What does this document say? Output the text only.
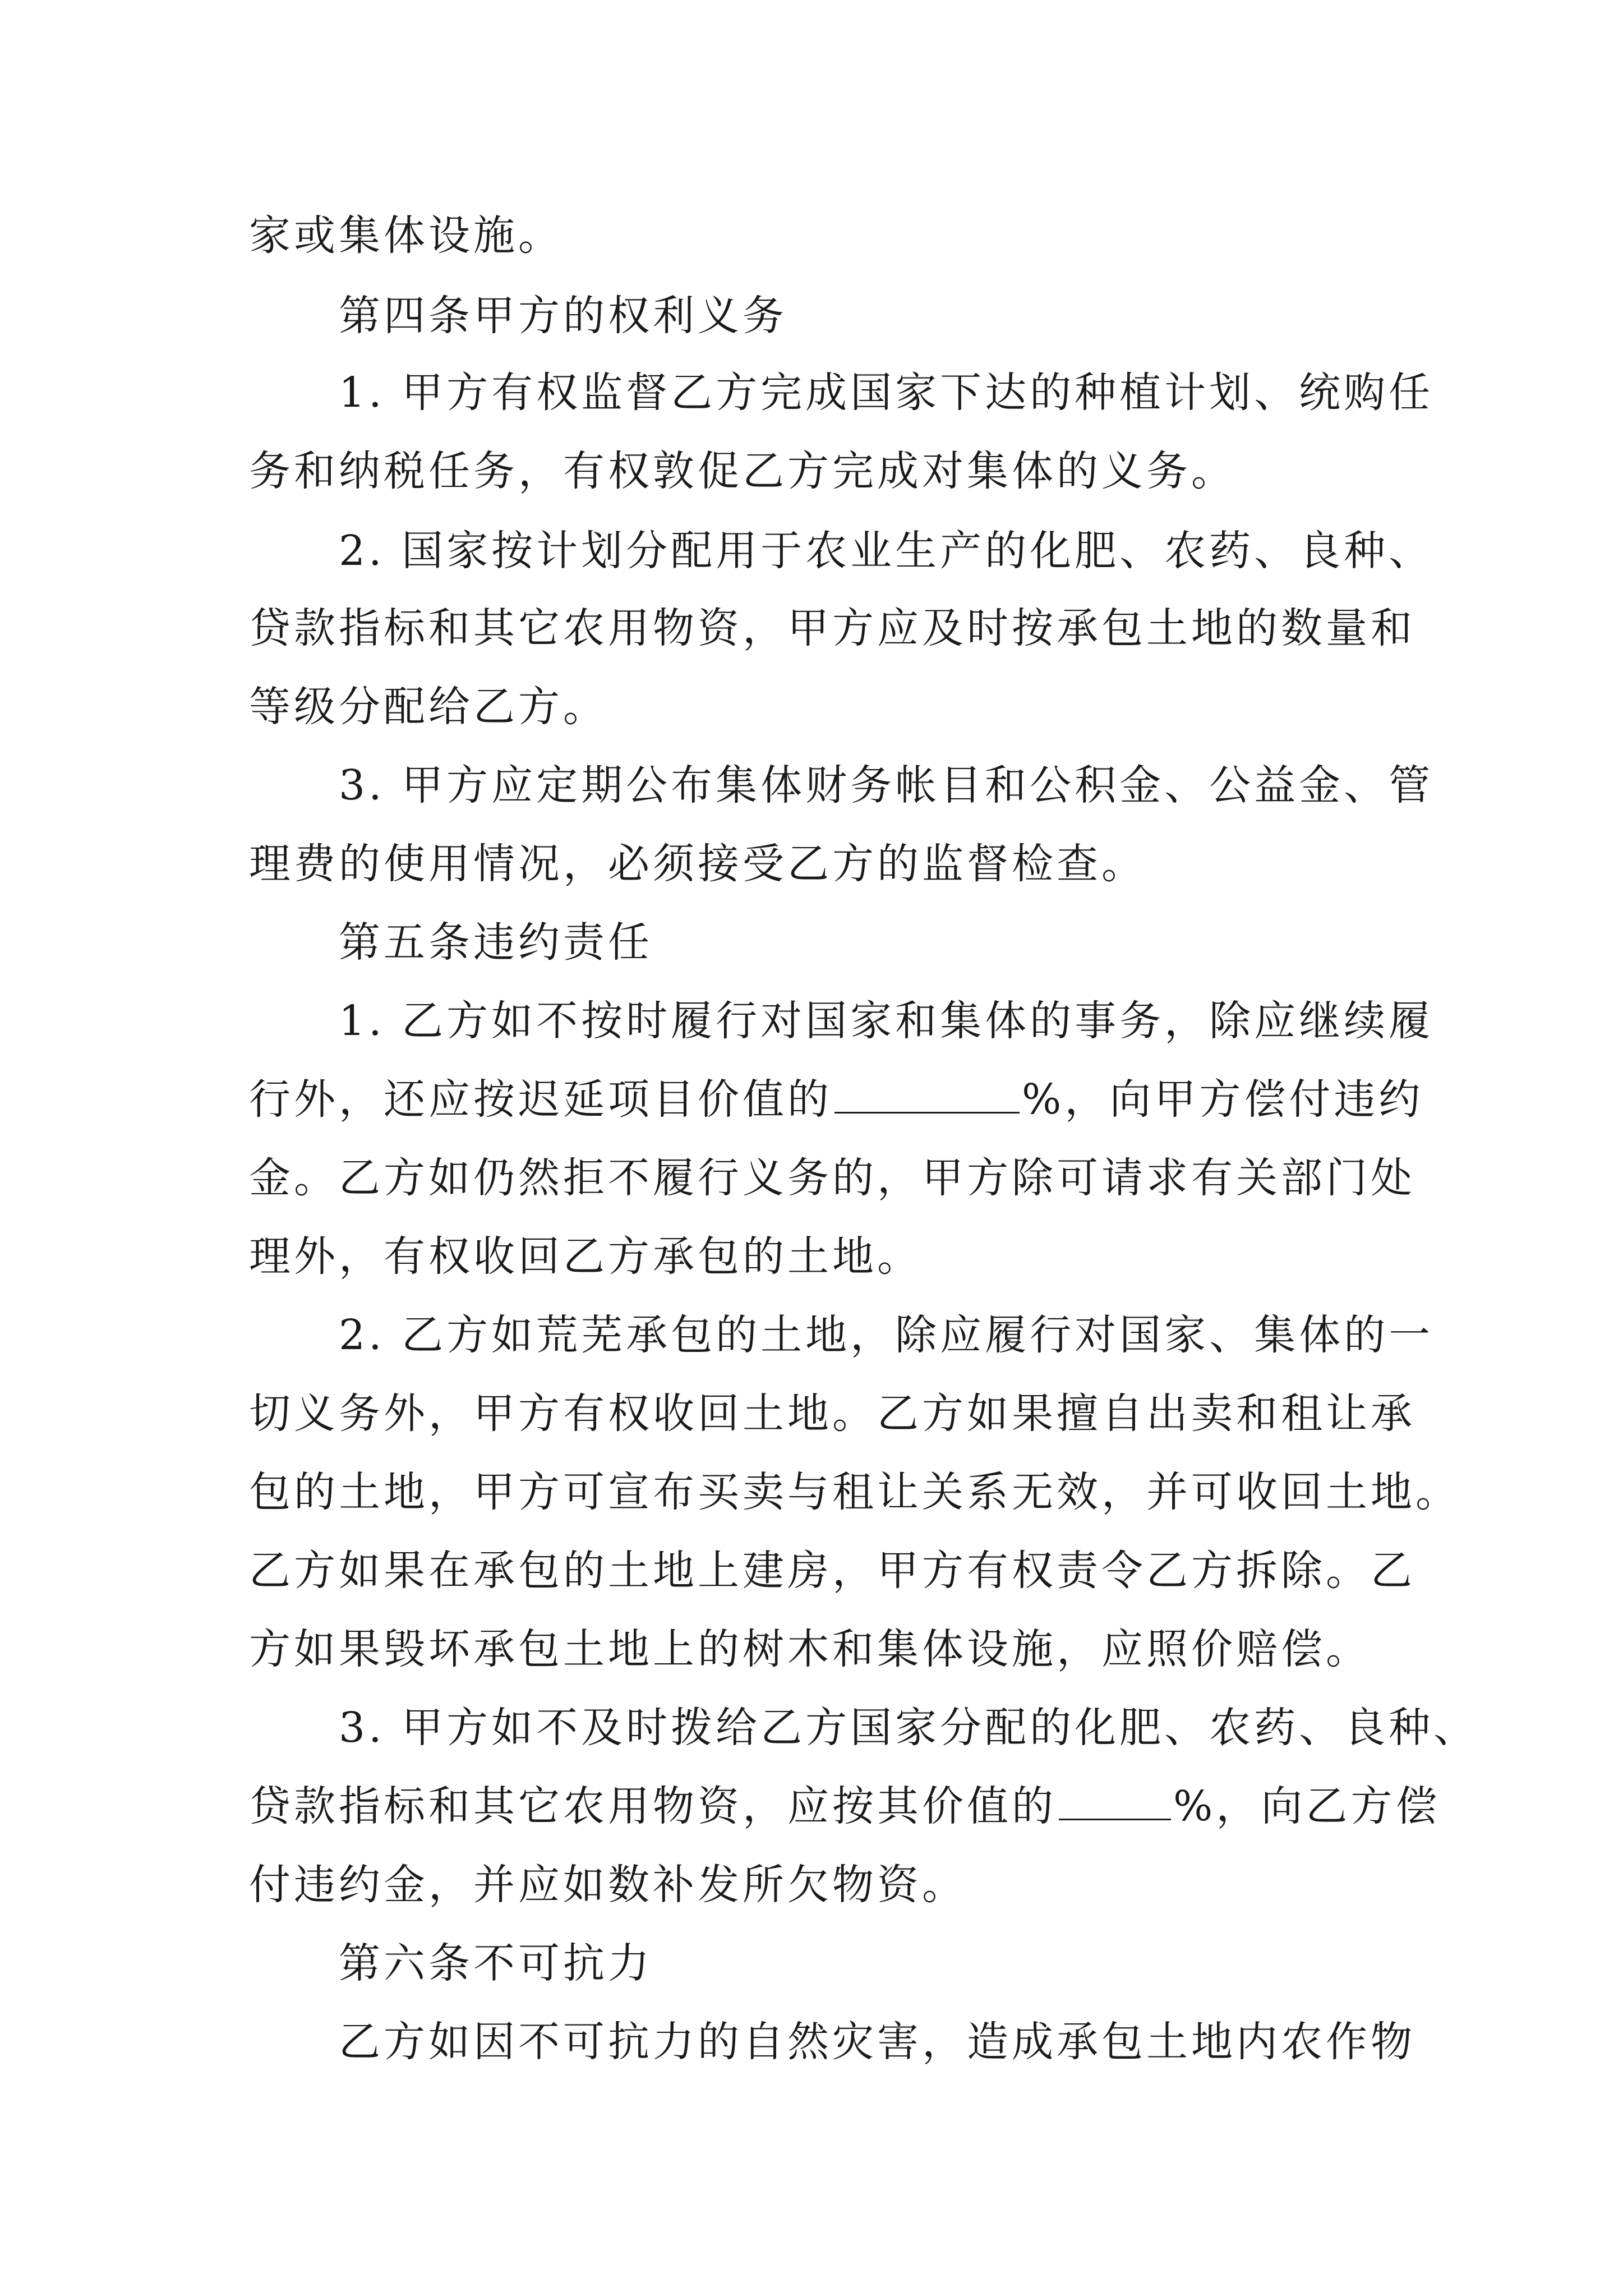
家或集体设施。
第四条甲方的权利义务
1. 甲方有权监督乙方完成国家下达的种植计划、统购任
务和纳税任务，有权敦促乙方完成对集体的义务。
2. 国家按计划分配用于农业生产的化肥、农药、良种、
贷款指标和其它农用物资，甲方应及时按承包土地的数量和
等级分配给乙方。
3. 甲方应定期公布集体财务帐目和公积金、公益金、管
理费的使用情况，必须接受乙方的监督检查。
第五条违约责任
1. 乙方如不按时履行对国家和集体的事务，除应继续履
行外，还应按迟延项目价值的	%，向甲方偿付违约
金。乙方如仍然拒不履行义务的，甲方除可请求有关部门处
理外，有权收回乙方承包的土地。
2. 乙方如荒芜承包的土地，除应履行对国家、集体的一
切义务外，甲方有权收回土地。乙方如果擅自出卖和租让承
包的土地，甲方可宣布买卖与租让关系无效，并可收回土地。
乙方如果在承包的土地上建房，甲方有权责令乙方拆除。乙
方如果毁坏承包土地上的树木和集体设施，应照价赔偿。
3. 甲方如不及时拨给乙方国家分配的化肥、农药、良种、
贷款指标和其它农用物资，应按其价值的	%，向乙方偿
付违约金，并应如数补发所欠物资。
第六条不可抗力
乙方如因不可抗力的自然灾害，造成承包土地内农作物
